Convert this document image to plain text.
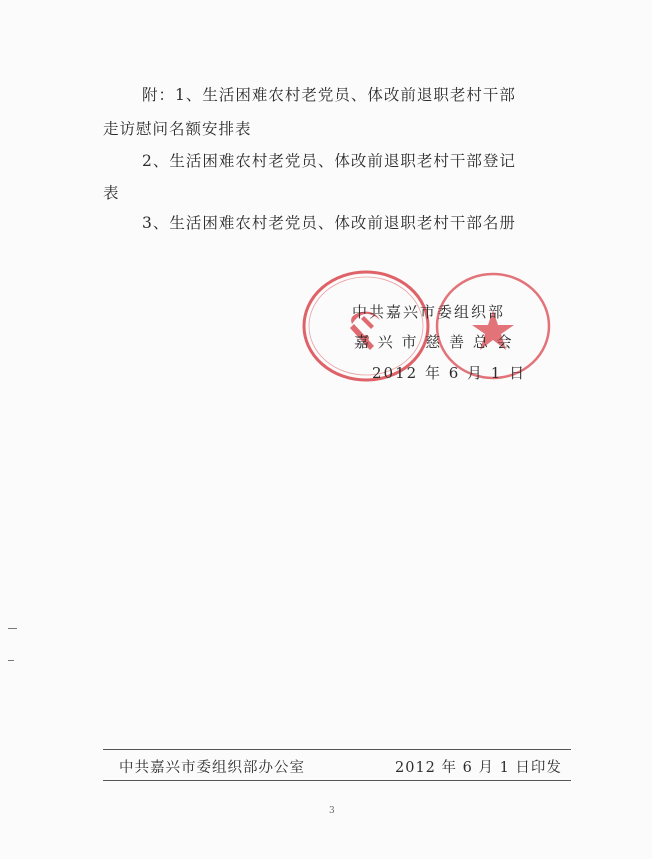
附：1、生活困难农村老党员、体改前退职老村干部
走访慰问名额安排表
2、生活困难农村老党员、体改前退职老村干部登记
表
3、生活困难农村老党员、体改前退职老村干部名册
中共嘉兴市委组织部
嘉 兴 市 慈 善 总 会
2012 年 6 月 1 日
中共嘉兴市委组织部办公室	2012 年 6 月 1 日印发
3
